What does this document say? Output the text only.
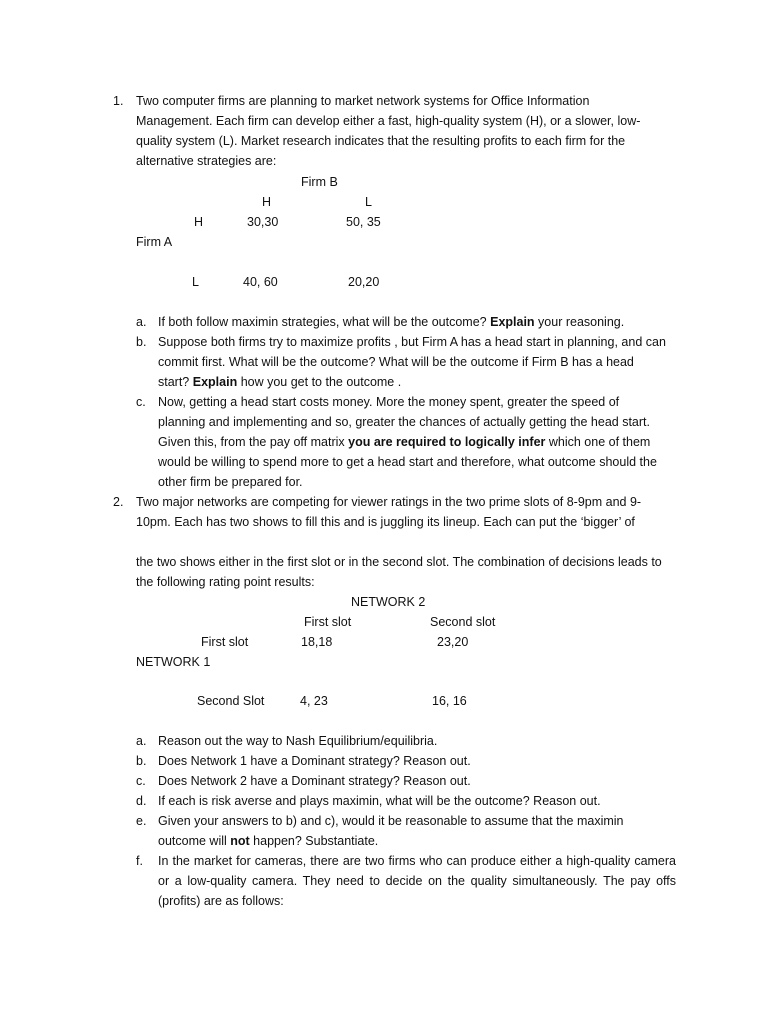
1. Two computer firms are planning to market network systems for Office Information
Management. Each firm can develop either a fast, high-quality system (H), or a slower, low-
quality system (L). Market research indicates that the resulting profits to each firm for the
alternative strategies are:
Firm B
H	L
H	30,30	50, 35
Firm A
L	40, 60	20,20
a. If both follow maximin strategies, what will be the outcome? Explain your reasoning.
b. Suppose both firms try to maximize profits , but Firm A has a head start in planning, and can
commit first. What will be the outcome? What will be the outcome if Firm B has a head
start? Explain how you get to the outcome .
c. Now, getting a head start costs money. More the money spent, greater the speed of
planning and implementing and so, greater the chances of actually getting the head start.
Given this, from the pay off matrix you are required to logically infer which one of them
would be willing to spend more to get a head start and therefore, what outcome should the
other firm be prepared for.
2. Two major networks are competing for viewer ratings in the two prime slots of 8-9pm and 9-
10pm. Each has two shows to fill this and is juggling its lineup. Each can put the ‘bigger’ of
the two shows either in the first slot or in the second slot. The combination of decisions leads to
the following rating point results:
NETWORK 2
First slot	Second slot
First slot	18,18	23,20
NETWORK 1
Second Slot	4, 23	16, 16
a. Reason out the way to Nash Equilibrium/equilibria.
b. Does Network 1 have a Dominant strategy? Reason out.
c. Does Network 2 have a Dominant strategy? Reason out.
d. If each is risk averse and plays maximin, what will be the outcome? Reason out.
e. Given your answers to b) and c), would it be reasonable to assume that the maximin
outcome will not happen? Substantiate.
f. In the market for cameras, there are two firms who can produce either a high-quality camera
or a low-quality camera. They need to decide on the quality simultaneously. The pay offs
(profits) are as follows:
